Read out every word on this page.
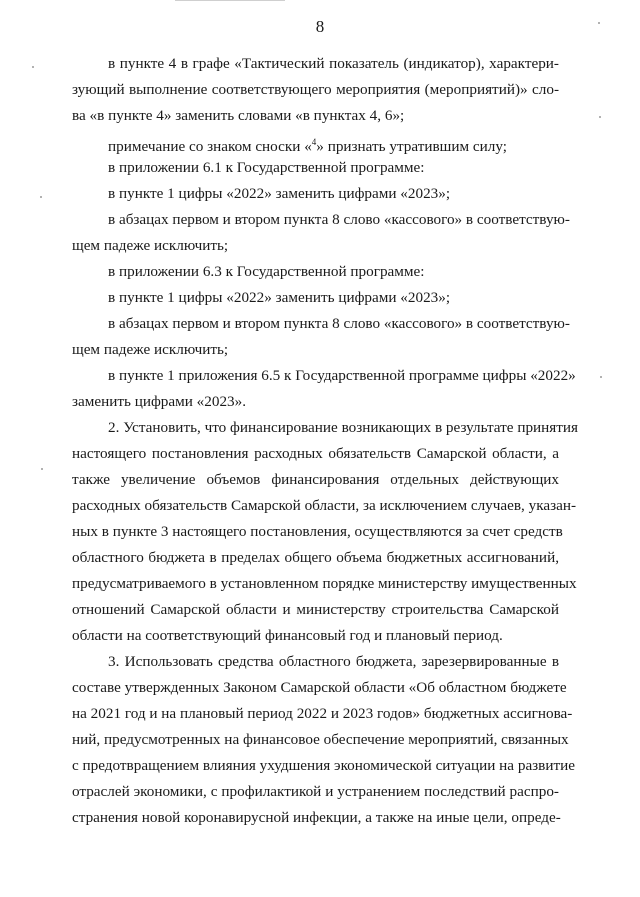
8
в пункте 4 в графе «Тактический показатель (индикатор), характери-
зующий выполнение соответствующего мероприятия (мероприятий)» сло-
ва «в пункте 4» заменить словами «в пунктах 4, 6»;
примечание со знаком сноски «$^4$» признать утратившим силу;
в приложении 6.1 к Государственной программе:
в пункте 1 цифры «2022» заменить цифрами «2023»;
в абзацах первом и втором пункта 8 слово «кассового» в соответствую-
щем падеже исключить;
в приложении 6.3 к Государственной программе:
в пункте 1 цифры «2022» заменить цифрами «2023»;
в абзацах первом и втором пункта 8 слово «кассового» в соответствую-
щем падеже исключить;
в пункте 1 приложения 6.5 к Государственной программе цифры «2022»
заменить цифрами «2023».
2. Установить, что финансирование возникающих в результате принятия
настоящего постановления расходных обязательств Самарской области, а
также увеличение объемов финансирования отдельных действующих
расходных обязательств Самарской области, за исключением случаев, указан-
ных в пункте 3 настоящего постановления, осуществляются за счет средств
областного бюджета в пределах общего объема бюджетных ассигнований,
предусматриваемого в установленном порядке министерству имущественных
отношений Самарской области и министерству строительства Самарской
области на соответствующий финансовый год и плановый период.
3. Использовать средства областного бюджета, зарезервированные в
составе утвержденных Законом Самарской области «Об областном бюджете
на 2021 год и на плановый период 2022 и 2023 годов» бюджетных ассигнова-
ний, предусмотренных на финансовое обеспечение мероприятий, связанных
с предотвращением влияния ухудшения экономической ситуации на развитие
отраслей экономики, с профилактикой и устранением последствий распро-
странения новой коронавирусной инфекции, а также на иные цели, опреде-
